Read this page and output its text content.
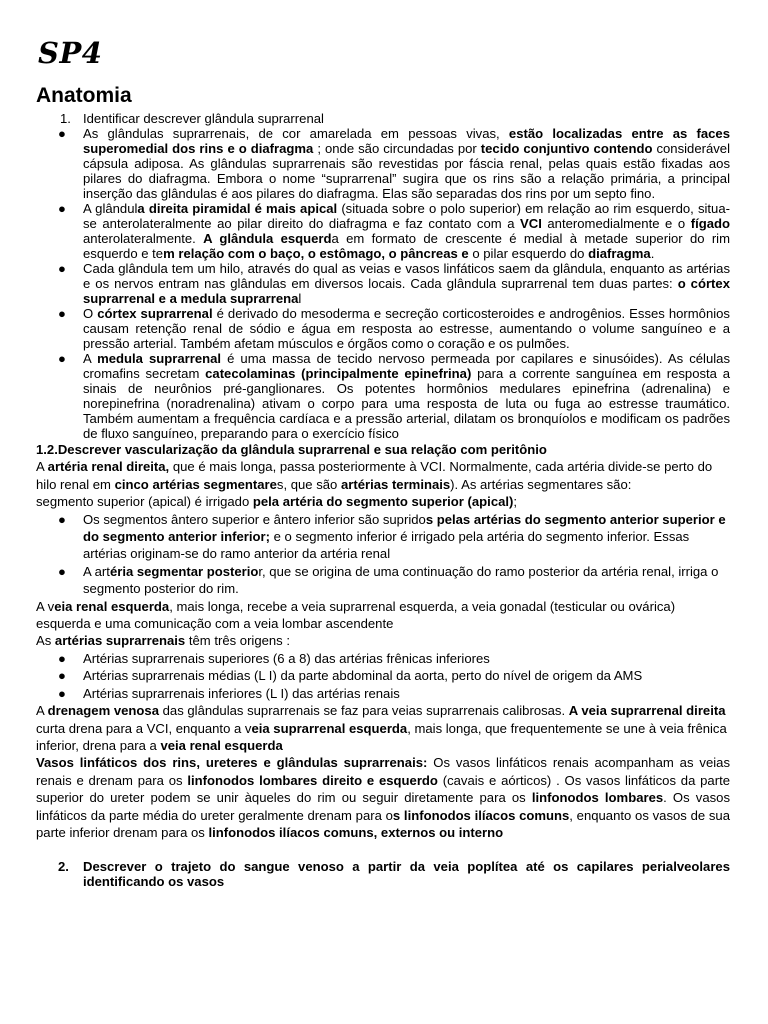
SP4
Anatomia
1. Identificar descrever glândula suprarrenal
● As glândulas suprarrenais, de cor amarelada em pessoas vivas, estão localizadas entre as faces superomedial dos rins e o diafragma ; onde são circundadas por tecido conjuntivo contendo considerável cápsula adiposa. As glândulas suprarrenais são revestidas por fáscia renal, pelas quais estão fixadas aos pilares do diafragma. Embora o nome “suprarrenal” sugira que os rins são a relação primária, a principal inserção das glândulas é aos pilares do diafragma. Elas são separadas dos rins por um septo fino.
● A glândula direita piramidal é mais apical (situada sobre o polo superior) em relação ao rim esquerdo, situa-se anterolateralmente ao pilar direito do diafragma e faz contato com a VCI anteromedialmente e o fígado anterolateralmente. A glândula esquerda em formato de crescente é medial à metade superior do rim esquerdo e tem relação com o baço, o estômago, o pâncreas e o pilar esquerdo do diafragma.
● Cada glândula tem um hilo, através do qual as veias e vasos linfáticos saem da glândula, enquanto as artérias e os nervos entram nas glândulas em diversos locais. Cada glândula suprarrenal tem duas partes: o córtex suprarrenal e a medula suprarrenal
● O córtex suprarrenal é derivado do mesoderma e secreção corticosteroides e androgênios. Esses hormônios causam retenção renal de sódio e água em resposta ao estresse, aumentando o volume sanguíneo e a pressão arterial. Também afetam músculos e órgãos como o coração e os pulmões.
● A medula suprarrenal é uma massa de tecido nervoso permeada por capilares e sinusóides). As células cromafins secretam catecolaminas (principalmente epinefrina) para a corrente sanguínea em resposta a sinais de neurônios pré-ganglionares. Os potentes hormônios medulares epinefrina (adrenalina) e norepinefrina (noradrenalina) ativam o corpo para uma resposta de luta ou fuga ao estresse traumático. Também aumentam a frequência cardíaca e a pressão arterial, dilatam os bronquíolos e modificam os padrões de fluxo sanguíneo, preparando para o exercício físico
1.2.Descrever vascularização da glândula suprarrenal e sua relação com peritônio
A artéria renal direita, que é mais longa, passa posteriormente à VCI. Normalmente, cada artéria divide-se perto do hilo renal em cinco artérias segmentares, que são artérias terminais). As artérias segmentares são:
segmento superior (apical) é irrigado pela artéria do segmento superior (apical);
● Os segmentos ântero superior e ântero inferior são supridos pelas artérias do segmento anterior superior e do segmento anterior inferior; e o segmento inferior é irrigado pela artéria do segmento inferior. Essas artérias originam-se do ramo anterior da artéria renal
● A artéria segmentar posterior, que se origina de uma continuação do ramo posterior da artéria renal, irriga o segmento posterior do rim.
A veia renal esquerda, mais longa, recebe a veia suprarrenal esquerda, a veia gonadal (testicular ou ovárica) esquerda e uma comunicação com a veia lombar ascendente
As artérias suprarrenais têm três origens :
● Artérias suprarrenais superiores (6 a 8) das artérias frênicas inferiores
● Artérias suprarrenais médias (L I) da parte abdominal da aorta, perto do nível de origem da AMS
● Artérias suprarrenais inferiores (L I) das artérias renais
A drenagem venosa das glândulas suprarrenais se faz para veias suprarrenais calibrosas. A veia suprarrenal direita curta drena para a VCI, enquanto a veia suprarrenal esquerda, mais longa, que frequentemente se une à veia frênica inferior, drena para a veia renal esquerda
Vasos linfáticos dos rins, ureteres e glândulas suprarrenais: Os vasos linfáticos renais acompanham as veias renais e drenam para os linfonodos lombares direito e esquerdo (cavais e aórticos) . Os vasos linfáticos da parte superior do ureter podem se unir àqueles do rim ou seguir diretamente para os linfonodos lombares. Os vasos linfáticos da parte média do ureter geralmente drenam para os linfonodos ilíacos comuns, enquanto os vasos de sua parte inferior drenam para os linfonodos ilíacos comuns, externos ou interno
2. Descrever o trajeto do sangue venoso a partir da veia poplítea até os capilares perialveolares identificando os vasos
